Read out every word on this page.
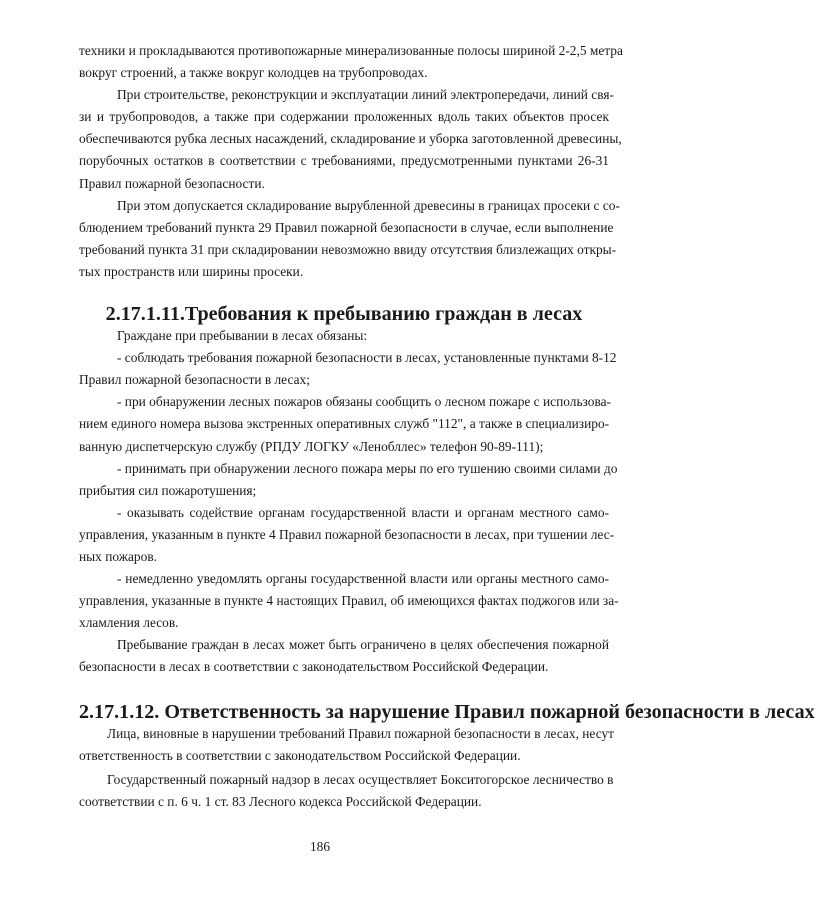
техники и прокладываются противопожарные минерализованные полосы шириной 2-2,5 метра
вокруг строений, а также вокруг колодцев на трубопроводах.

При строительстве, реконструкции и эксплуатации линий электропередачи, линий свя-
зи и трубопроводов, а также при содержании проложенных вдоль таких объектов просек
обеспечиваются рубка лесных насаждений, складирование и уборка заготовленной древесины,
порубочных остатков в соответствии с требованиями, предусмотренными пунктами 26-31
Правил пожарной безопасности.

При этом допускается складирование вырубленной древесины в границах просеки с со-
блюдением требований пункта 29 Правил пожарной безопасности в случае, если выполнение
требований пункта 31 при складировании невозможно ввиду отсутствия близлежащих откры-
тых пространств или ширины просеки.

2.17.1.11.Требования к пребыванию граждан в лесах

Граждане при пребывании в лесах обязаны:

- соблюдать требования пожарной безопасности в лесах, установленные пунктами 8-12
Правил пожарной безопасности в лесах;

- при обнаружении лесных пожаров обязаны сообщить о лесном пожаре с использова-
нием единого номера вызова экстренных оперативных служб "112", а также в специализиро-
ванную диспетчерскую службу (РПДУ ЛОГКУ «Ленобллес» телефон 90-89-111);

- принимать при обнаружении лесного пожара меры по его тушению своими силами до
прибытия сил пожаротушения;

- оказывать содействие органам государственной власти и органам местного само-
управления, указанным в пункте 4 Правил пожарной безопасности в лесах, при тушении лес-
ных пожаров.

- немедленно уведомлять органы государственной власти или органы местного само-
управления, указанные в пункте 4 настоящих Правил, об имеющихся фактах поджогов или за-
хламления лесов.

Пребывание граждан в лесах может быть ограничено в целях обеспечения пожарной
безопасности в лесах в соответствии с законодательством Российской Федерации.

2.17.1.12. Ответственность за нарушение Правил пожарной безопасности в лесах

Лица, виновные в нарушении требований Правил пожарной безопасности в лесах, несут
ответственность в соответствии с законодательством Российской Федерации.

Государственный пожарный надзор в лесах осуществляет Бокситогорское лесничество в
соответствии с п. 6 ч. 1 ст. 83 Лесного кодекса Российской Федерации.

186
